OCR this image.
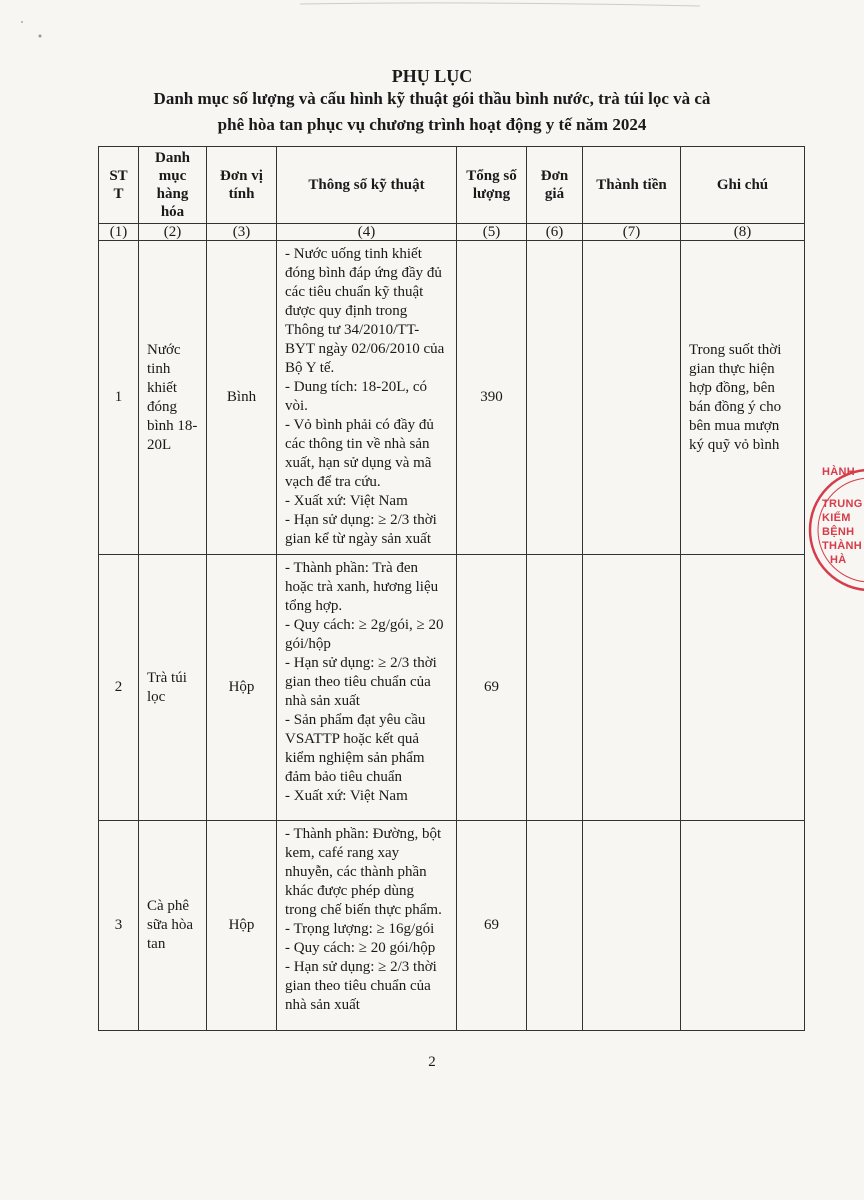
PHỤ LỤC
Danh mục số lượng và cấu hình kỹ thuật gói thầu bình nước, trà túi lọc và cà
phê hòa tan phục vụ chương trình hoạt động y tế năm 2024
ST T	Danh mục hàng hóa	Đơn vị tính	Thông số kỹ thuật	Tổng số lượng	Đơn giá	Thành tiền	Ghi chú
(1)	(2)	(3)	(4)	(5)	(6)	(7)	(8)
1	Nước tinh khiết đóng bình 18-20L	Bình	- Nước uống tinh khiết đóng bình đáp ứng đầy đủ các tiêu chuẩn kỹ thuật được quy định trong Thông tư 34/2010/TT-BYT ngày 02/06/2010 của Bộ Y tế.
- Dung tích: 18-20L, có vòi.
- Vỏ bình phải có đầy đủ các thông tin về nhà sản xuất, hạn sử dụng và mã vạch để tra cứu.
- Xuất xứ: Việt Nam
- Hạn sử dụng: ≥ 2/3 thời gian kể từ ngày sản xuất	390			Trong suốt thời gian thực hiện hợp đồng, bên bán đồng ý cho bên mua mượn ký quỹ vỏ bình
2	Trà túi lọc	Hộp	- Thành phần: Trà đen hoặc trà xanh, hương liệu tổng hợp.
- Quy cách: ≥ 2g/gói, ≥ 20 gói/hộp
- Hạn sử dụng: ≥ 2/3 thời gian theo tiêu chuẩn của nhà sản xuất
- Sản phẩm đạt yêu cầu VSATTP hoặc kết quả kiểm nghiệm sản phẩm đảm bảo tiêu chuẩn
- Xuất xứ: Việt Nam	69			
3	Cà phê sữa hòa tan	Hộp	- Thành phần: Đường, bột kem, café rang xay nhuyễn, các thành phần khác được phép dùng trong chế biến thực phẩm.
- Trọng lượng: ≥ 16g/gói
- Quy cách: ≥ 20 gói/hộp
- Hạn sử dụng: ≥ 2/3 thời gian theo tiêu chuẩn của nhà sản xuất	69			
HÀNH
TRUNG
KIỂM
BỆNH
THÀNH
HÀ
2
